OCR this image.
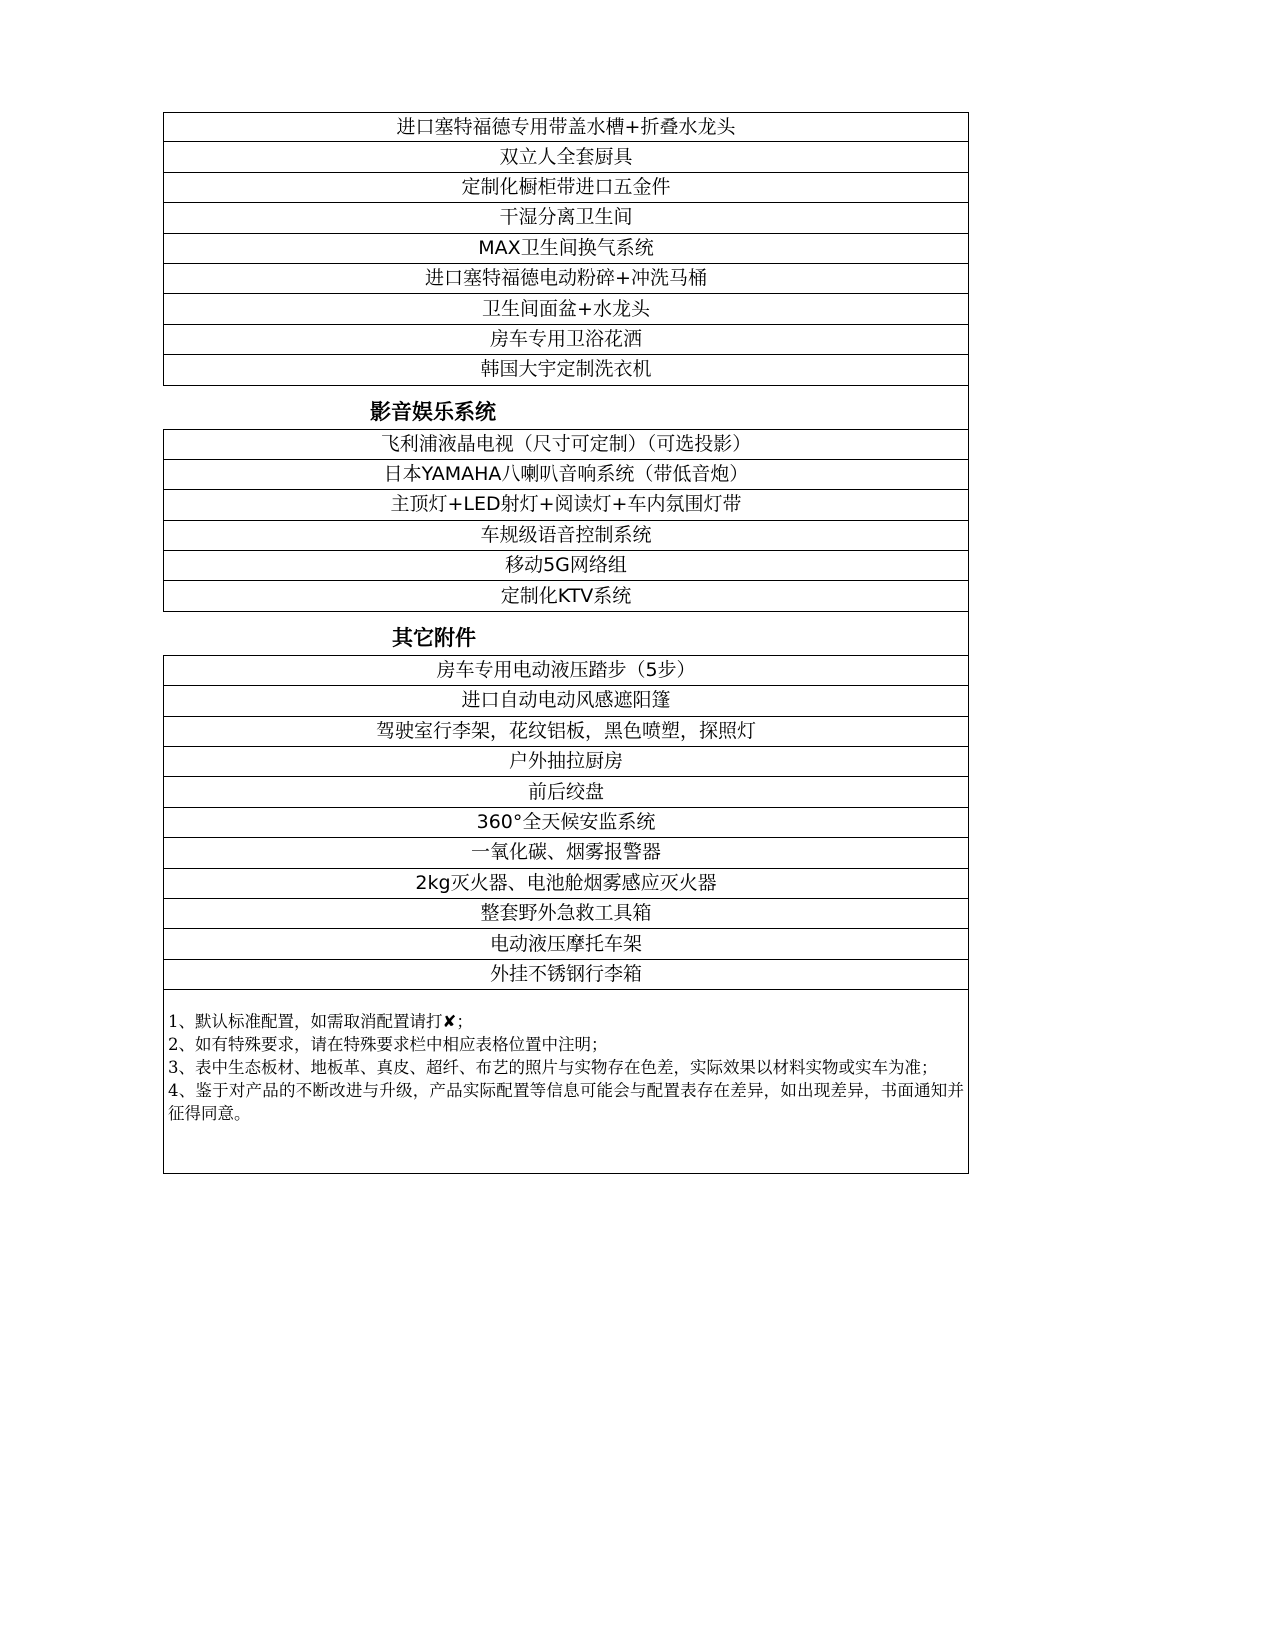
进口塞特福德专用带盖水槽+折叠水龙头
双立人全套厨具
定制化橱柜带进口五金件
干湿分离卫生间
MAX卫生间换气系统
进口塞特福德电动粉碎+冲洗马桶
卫生间面盆+水龙头
房车专用卫浴花洒
韩国大宇定制洗衣机
影音娱乐系统
飞利浦液晶电视（尺寸可定制）（可选投影）
日本YAMAHA八喇叭音响系统（带低音炮）
主顶灯+LED射灯+阅读灯+车内氛围灯带
车规级语音控制系统
移动5G网络组
定制化KTV系统
其它附件
房车专用电动液压踏步（5步）
进口自动电动风感遮阳篷
驾驶室行李架，花纹铝板，黑色喷塑，探照灯
户外抽拉厨房
前后绞盘
360°全天候安监系统
一氧化碳、烟雾报警器
2kg灭火器、电池舱烟雾感应灭火器
整套野外急救工具箱
电动液压摩托车架
外挂不锈钢行李箱
1、默认标准配置，如需取消配置请打✘；
2、如有特殊要求，请在特殊要求栏中相应表格位置中注明；
3、表中生态板材、地板革、真皮、超纤、布艺的照片与实物存在色差，实际效果以材料实物或实车为准；
4、鉴于对产品的不断改进与升级，产品实际配置等信息可能会与配置表存在差异，如出现差异，书面通知并征得同意。
